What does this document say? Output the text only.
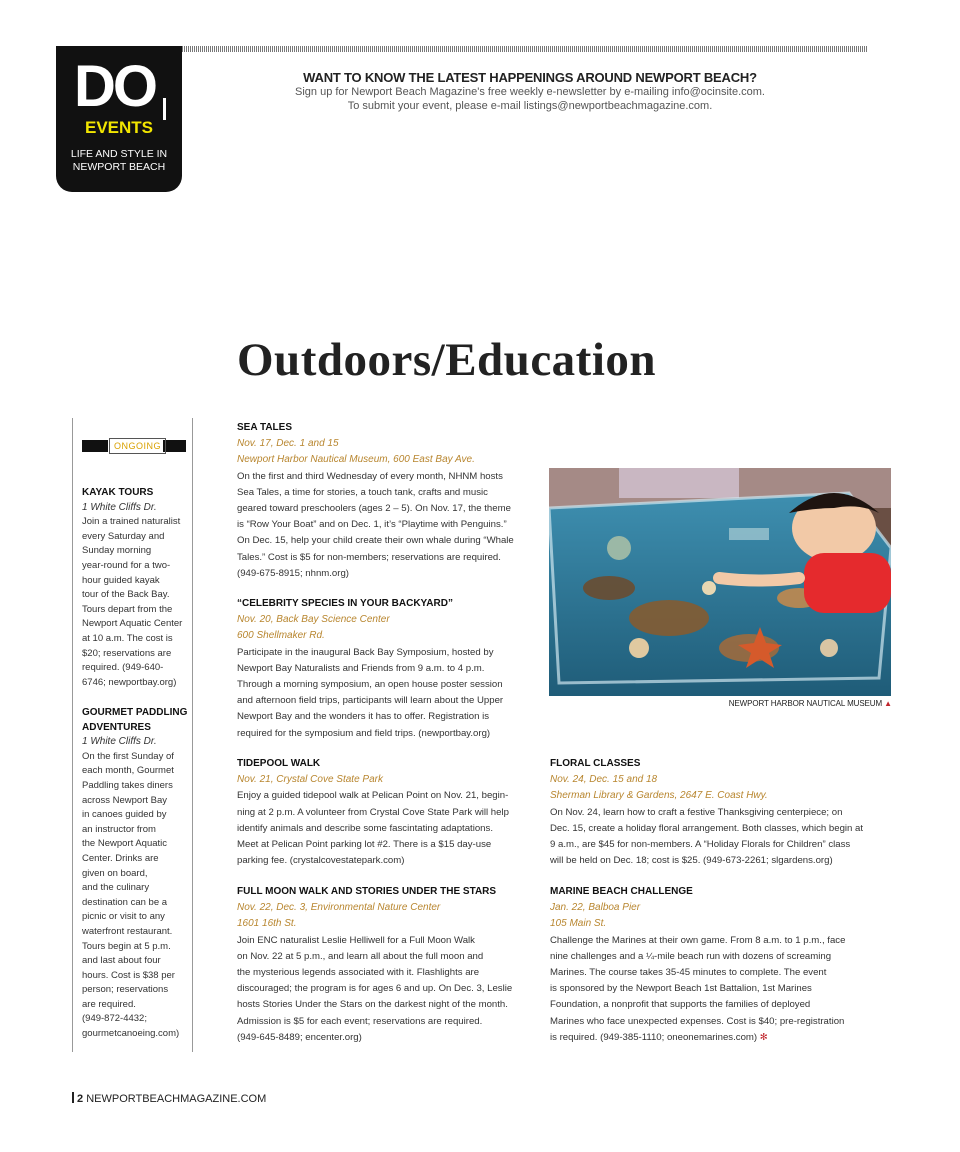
DO
EVENTS
LIFE AND STYLE IN
NEWPORT BEACH
WANT TO KNOW THE LATEST HAPPENINGS AROUND NEWPORT BEACH?
Sign up for Newport Beach Magazine's free weekly e-newsletter by e-mailing info@ocinsite.com.
To submit your event, please e-mail listings@newportbeachmagazine.com.
Outdoors/Education
ONGOING
KAYAK TOURS
1 White Cliffs Dr.
Join a trained naturalist
every Saturday and
Sunday morning
year-round for a two-
hour guided kayak
tour of the Back Bay.
Tours depart from the
Newport Aquatic Center
at 10 a.m. The cost is
$20; reservations are
required. (949-640-
6746; newportbay.org)
GOURMET PADDLING
ADVENTURES
1 White Cliffs Dr.
On the first Sunday of
each month, Gourmet
Paddling takes diners
across Newport Bay
in canoes guided by
an instructor from
the Newport Aquatic
Center. Drinks are
given on board,
and the culinary
destination can be a
picnic or visit to any
waterfront restaurant.
Tours begin at 5 p.m.
and last about four
hours. Cost is $38 per
person; reservations
are required.
(949-872-4432;
gourmetcanoeing.com)

SEA TALES

Nov. 17, Dec. 1 and 15

Newport Harbor Nautical Museum, 600 East Bay Ave.

On the first and third Wednesday of every month, NHNM hosts

Sea Tales, a time for stories, a touch tank, crafts and music

geared toward preschoolers (ages 2 – 5). On Nov. 17, the theme

is “Row Your Boat” and on Dec. 1, it’s “Playtime with Penguins.”

On Dec. 15, help your child create their own whale during “Whale

Tales.” Cost is $5 for non-members; reservations are required.

(949-675-8915; nhnm.org)

“CELEBRITY SPECIES IN YOUR BACKYARD”

Nov. 20, Back Bay Science Center

600 Shellmaker Rd.

Participate in the inaugural Back Bay Symposium, hosted by

Newport Bay Naturalists and Friends from 9 a.m. to 4 p.m.

Through a morning symposium, an open house poster session

and afternoon field trips, participants will learn about the Upper

Newport Bay and the wonders it has to offer. Registration is

required for the symposium and field trips. (newportbay.org)

NEWPORT HARBOR NAUTICAL MUSEUM ▲

TIDEPOOL WALK

Nov. 21, Crystal Cove State Park

Enjoy a guided tidepool walk at Pelican Point on Nov. 21, begin-

ning at 2 p.m. A volunteer from Crystal Cove State Park will help

identify animals and describe some fascintating adaptations.

Meet at Pelican Point parking lot #2. There is a $15 day-use

parking fee. (crystalcovestatepark.com)

FULL MOON WALK AND STORIES UNDER THE STARS

Nov. 22, Dec. 3, Environmental Nature Center

1601 16th St.

Join ENC naturalist Leslie Helliwell for a Full Moon Walk

on Nov. 22 at 5 p.m., and learn all about the full moon and

the mysterious legends associated with it. Flashlights are

discouraged; the program is for ages 6 and up. On Dec. 3, Leslie

hosts Stories Under the Stars on the darkest night of the month.

Admission is $5 for each event; reservations are required.

(949-645-8489; encenter.org)

FLORAL CLASSES

Nov. 24, Dec. 15 and 18

Sherman Library & Gardens, 2647 E. Coast Hwy.

On Nov. 24, learn how to craft a festive Thanksgiving centerpiece; on

Dec. 15, create a holiday floral arrangement. Both classes, which begin at

9 a.m., are $45 for non-members. A “Holiday Florals for Children” class

will be held on Dec. 18; cost is $25. (949-673-2261; slgardens.org)

MARINE BEACH CHALLENGE

Jan. 22, Balboa Pier

105 Main St.

Challenge the Marines at their own game. From 8 a.m. to 1 p.m., face

nine challenges and a ¼-mile beach run with dozens of screaming

Marines. The course takes 35-45 minutes to complete. The event

is sponsored by the Newport Beach 1st Battalion, 1st Marines

Foundation, a nonprofit that supports the families of deployed

Marines who face unexpected expenses. Cost is $40; pre-registration

is required. (949-385-1110; oneonemarines.com) ✻

2 NEWPORTBEACHMAGAZINE.COM
